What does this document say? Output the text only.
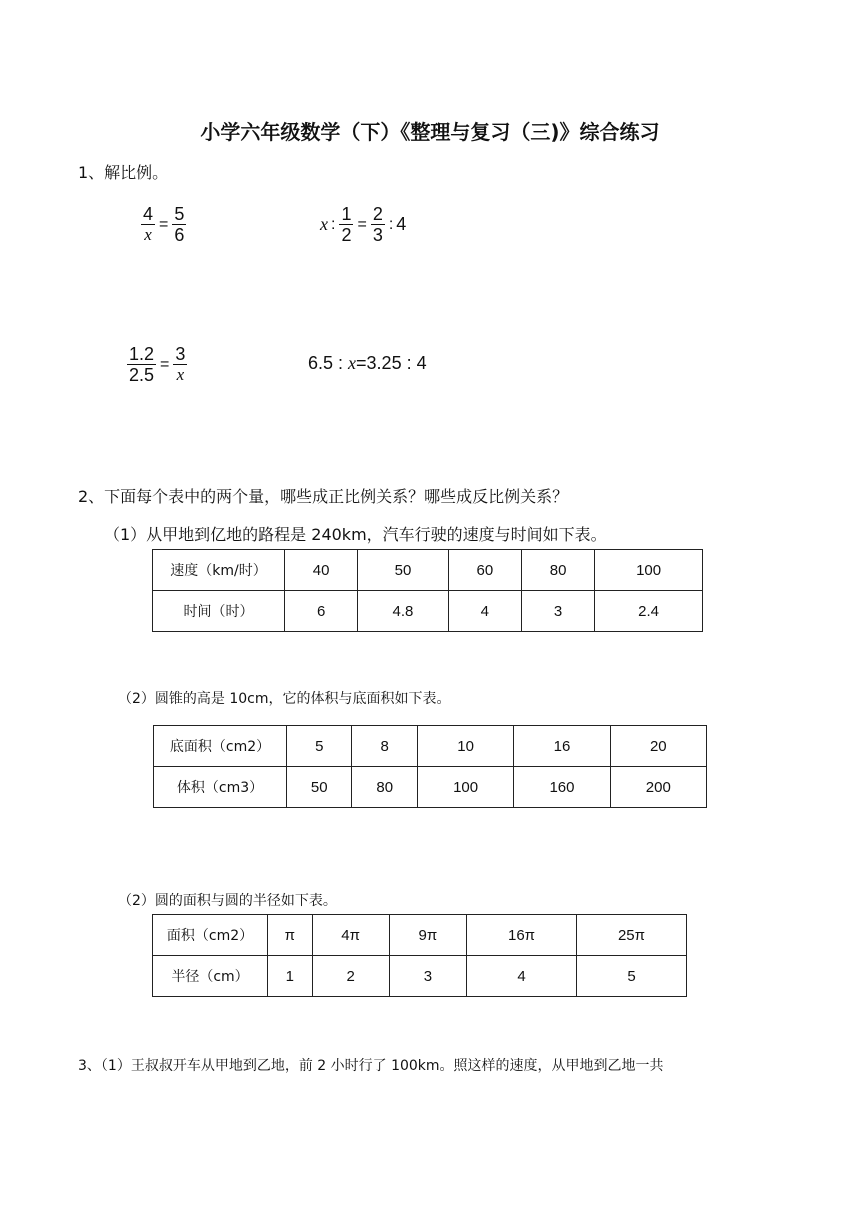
小学六年级数学（下）《整理与复习（三)》综合练习
1、解比例。
$\frac{4}{x} = \frac{5}{6}$	x : $\frac{1}{2} = \frac{2}{3}$ : 4
$\frac{1.2}{2.5} = \frac{3}{x}$	6.5 : x =3.25 : 4
2、下面每个表中的两个量，哪些成正比例关系？哪些成反比例关系？
（1）从甲地到亿地的路程是 240km，汽车行驶的速度与时间如下表。
速度（km/时）	40	50	60	80	100
时间（时）	6	4.8	4	3	2.4
（2）圆锥的高是 10cm，它的体积与底面积如下表。
底面积（cm2）	5	8	10	16	20
体积（cm3）	50	80	100	160	200
（2）圆的面积与圆的半径如下表。
面积（cm2）	π	4π	9π	16π	25π
半径（cm）	1	2	3	4	5
3、（1）王叔叔开车从甲地到乙地，前 2 小时行了 100km。照这样的速度，从甲地到乙地一共
